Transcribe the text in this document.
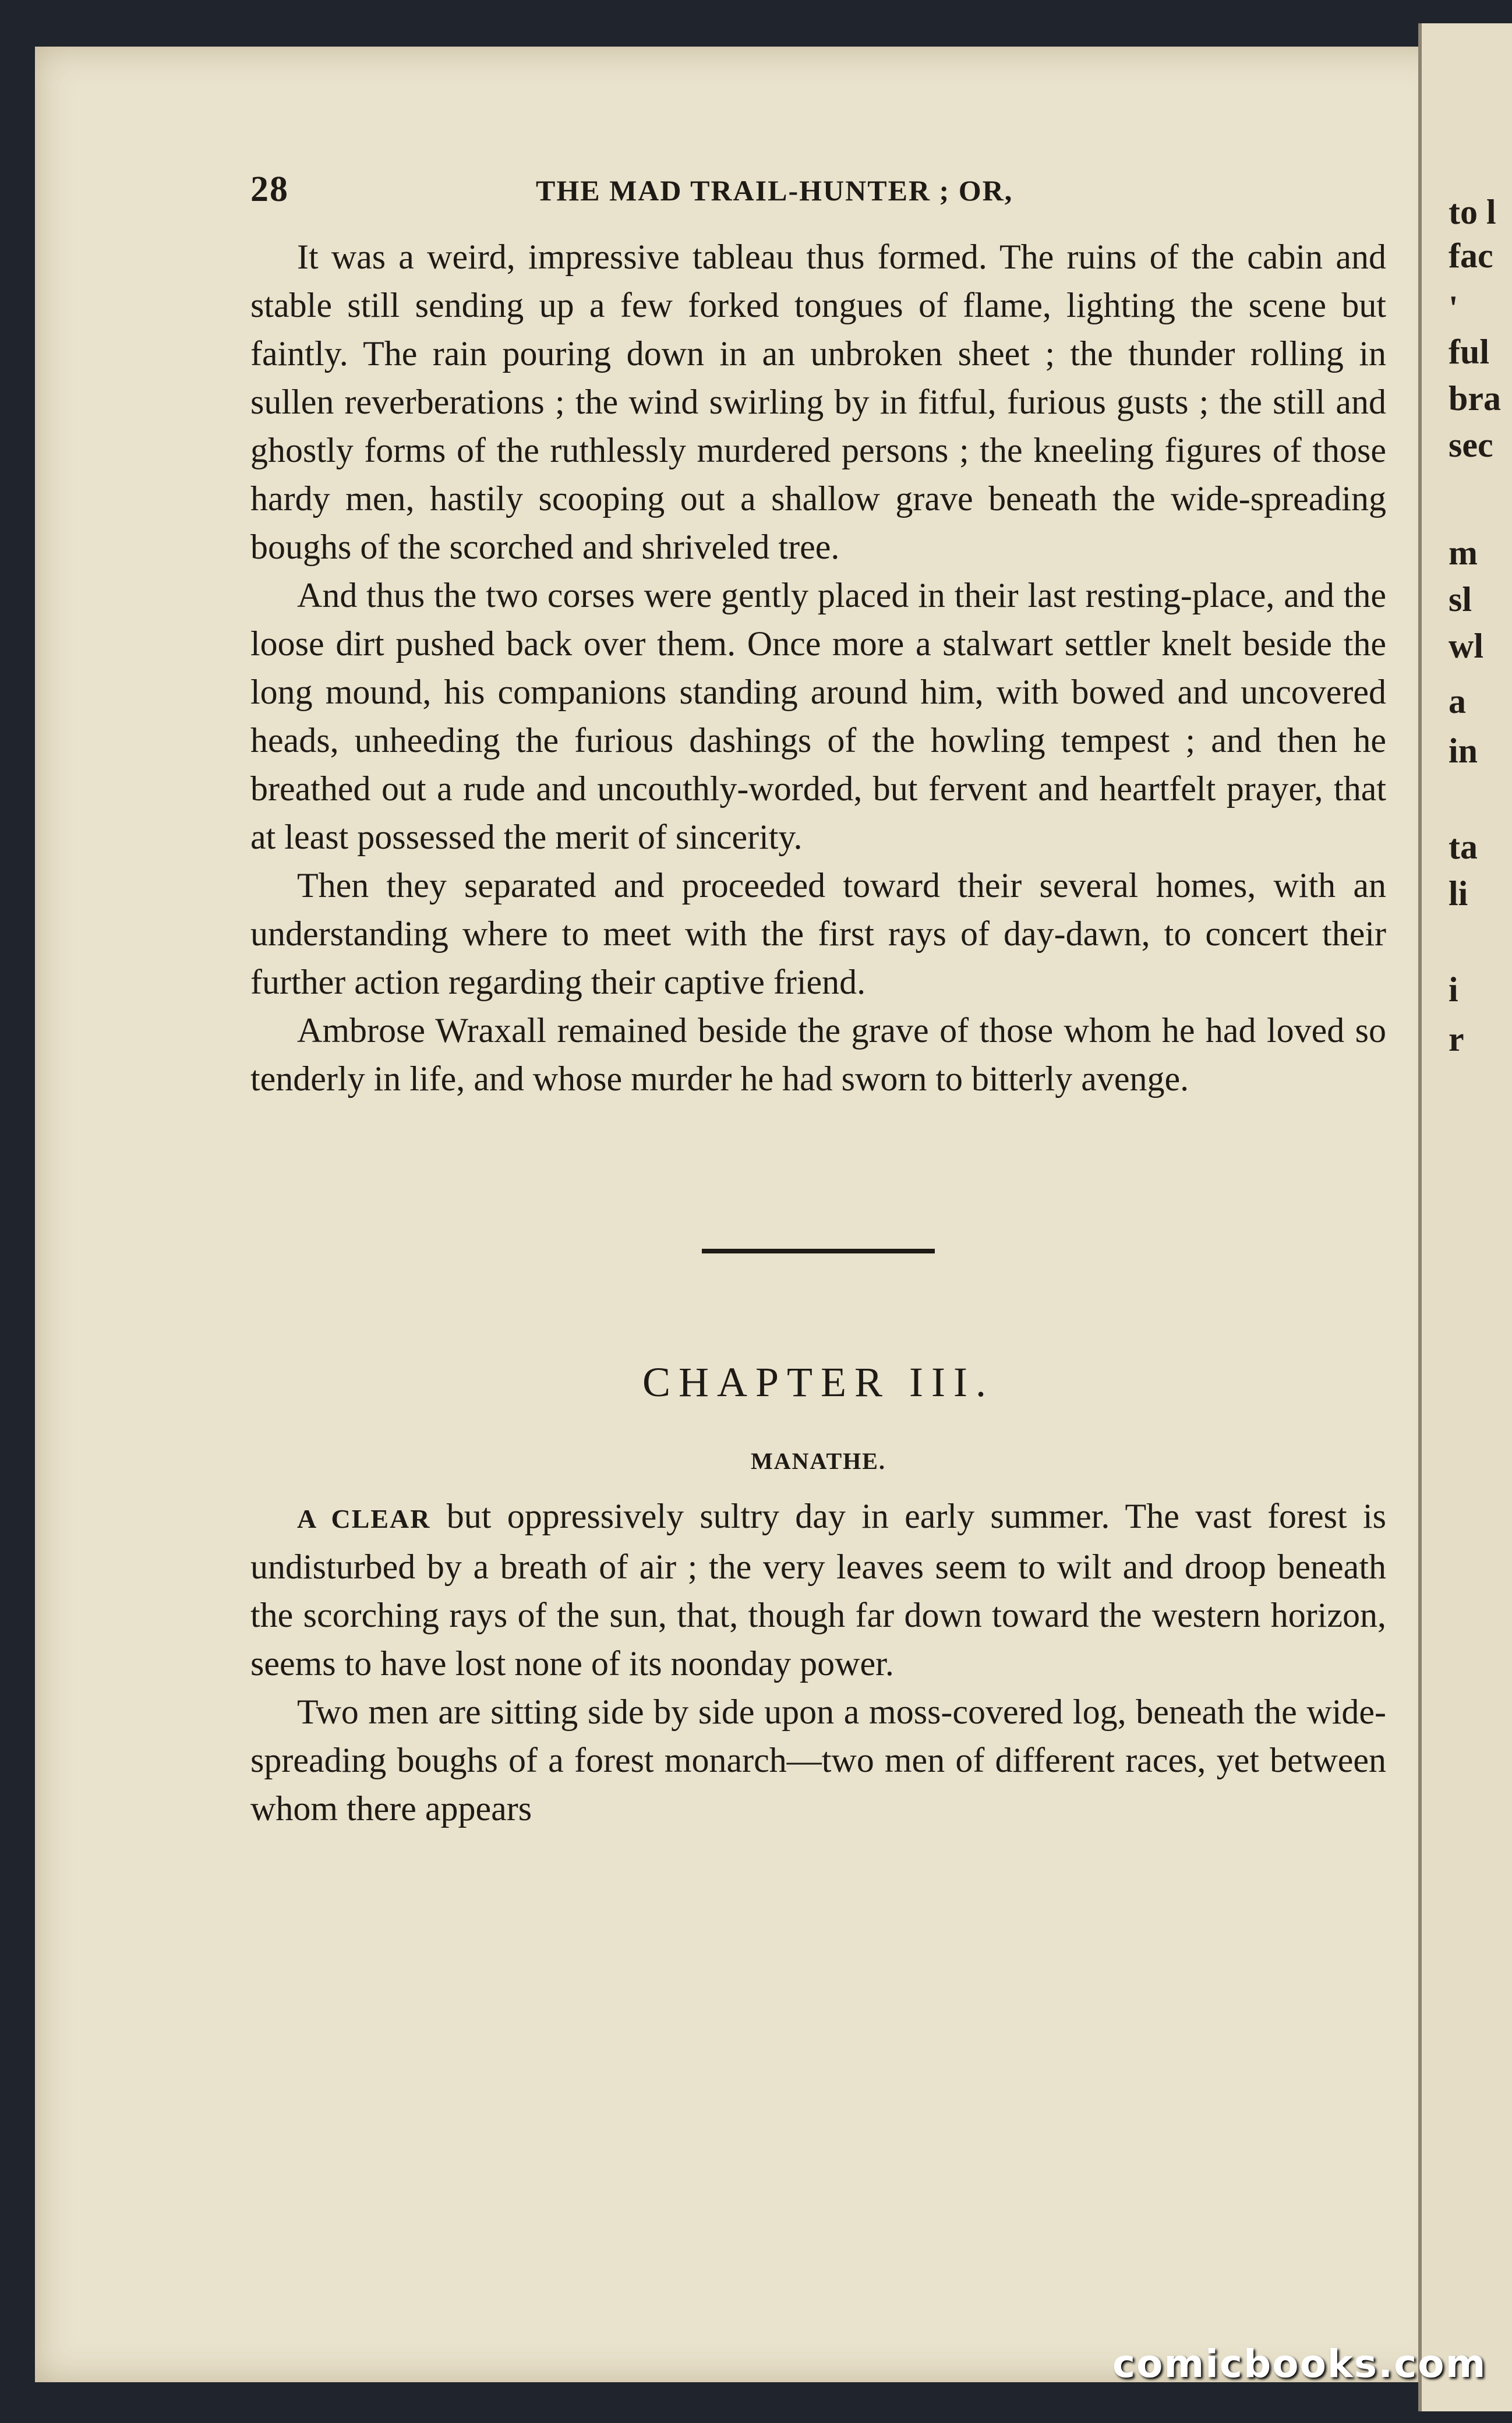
to l
fac
'
ful
bra
sec
m
sl
wl
a
in
ta
li
i
r
28	THE MAD TRAIL-HUNTER ; OR,

It was a weird, impressive tableau thus formed. The ruins of the cabin and stable still sending up a few forked tongues of flame, lighting the scene but faintly. The rain pouring down in an unbroken sheet ; the thunder rolling in sullen reverberations ; the wind swirling by in fitful, furious gusts ; the still and ghostly forms of the ruthlessly murdered persons ; the kneeling figures of those hardy men, hastily scooping out a shallow grave beneath the wide-spreading boughs of the scorched and shriveled tree.

And thus the two corses were gently placed in their last resting-place, and the loose dirt pushed back over them. Once more a stalwart settler knelt beside the long mound, his companions standing around him, with bowed and uncovered heads, unheeding the furious dashings of the howling tempest ; and then he breathed out a rude and uncouthly-worded, but fervent and heartfelt prayer, that at least possessed the merit of sincerity.

Then they separated and proceeded toward their several homes, with an understanding where to meet with the first rays of day-dawn, to concert their further action regarding their captive friend.

Ambrose Wraxall remained beside the grave of those whom he had loved so tenderly in life, and whose murder he had sworn to bitterly avenge.

CHAPTER III.
MANATHE.

A CLEAR but oppressively sultry day in early summer. The vast forest is undisturbed by a breath of air ; the very leaves seem to wilt and droop beneath the scorching rays of the sun, that, though far down toward the western horizon, seems to have lost none of its noonday power.

Two men are sitting side by side upon a moss-covered log, beneath the wide-spreading boughs of a forest monarch—two men of different races, yet between whom there appears

comicbooks.com
